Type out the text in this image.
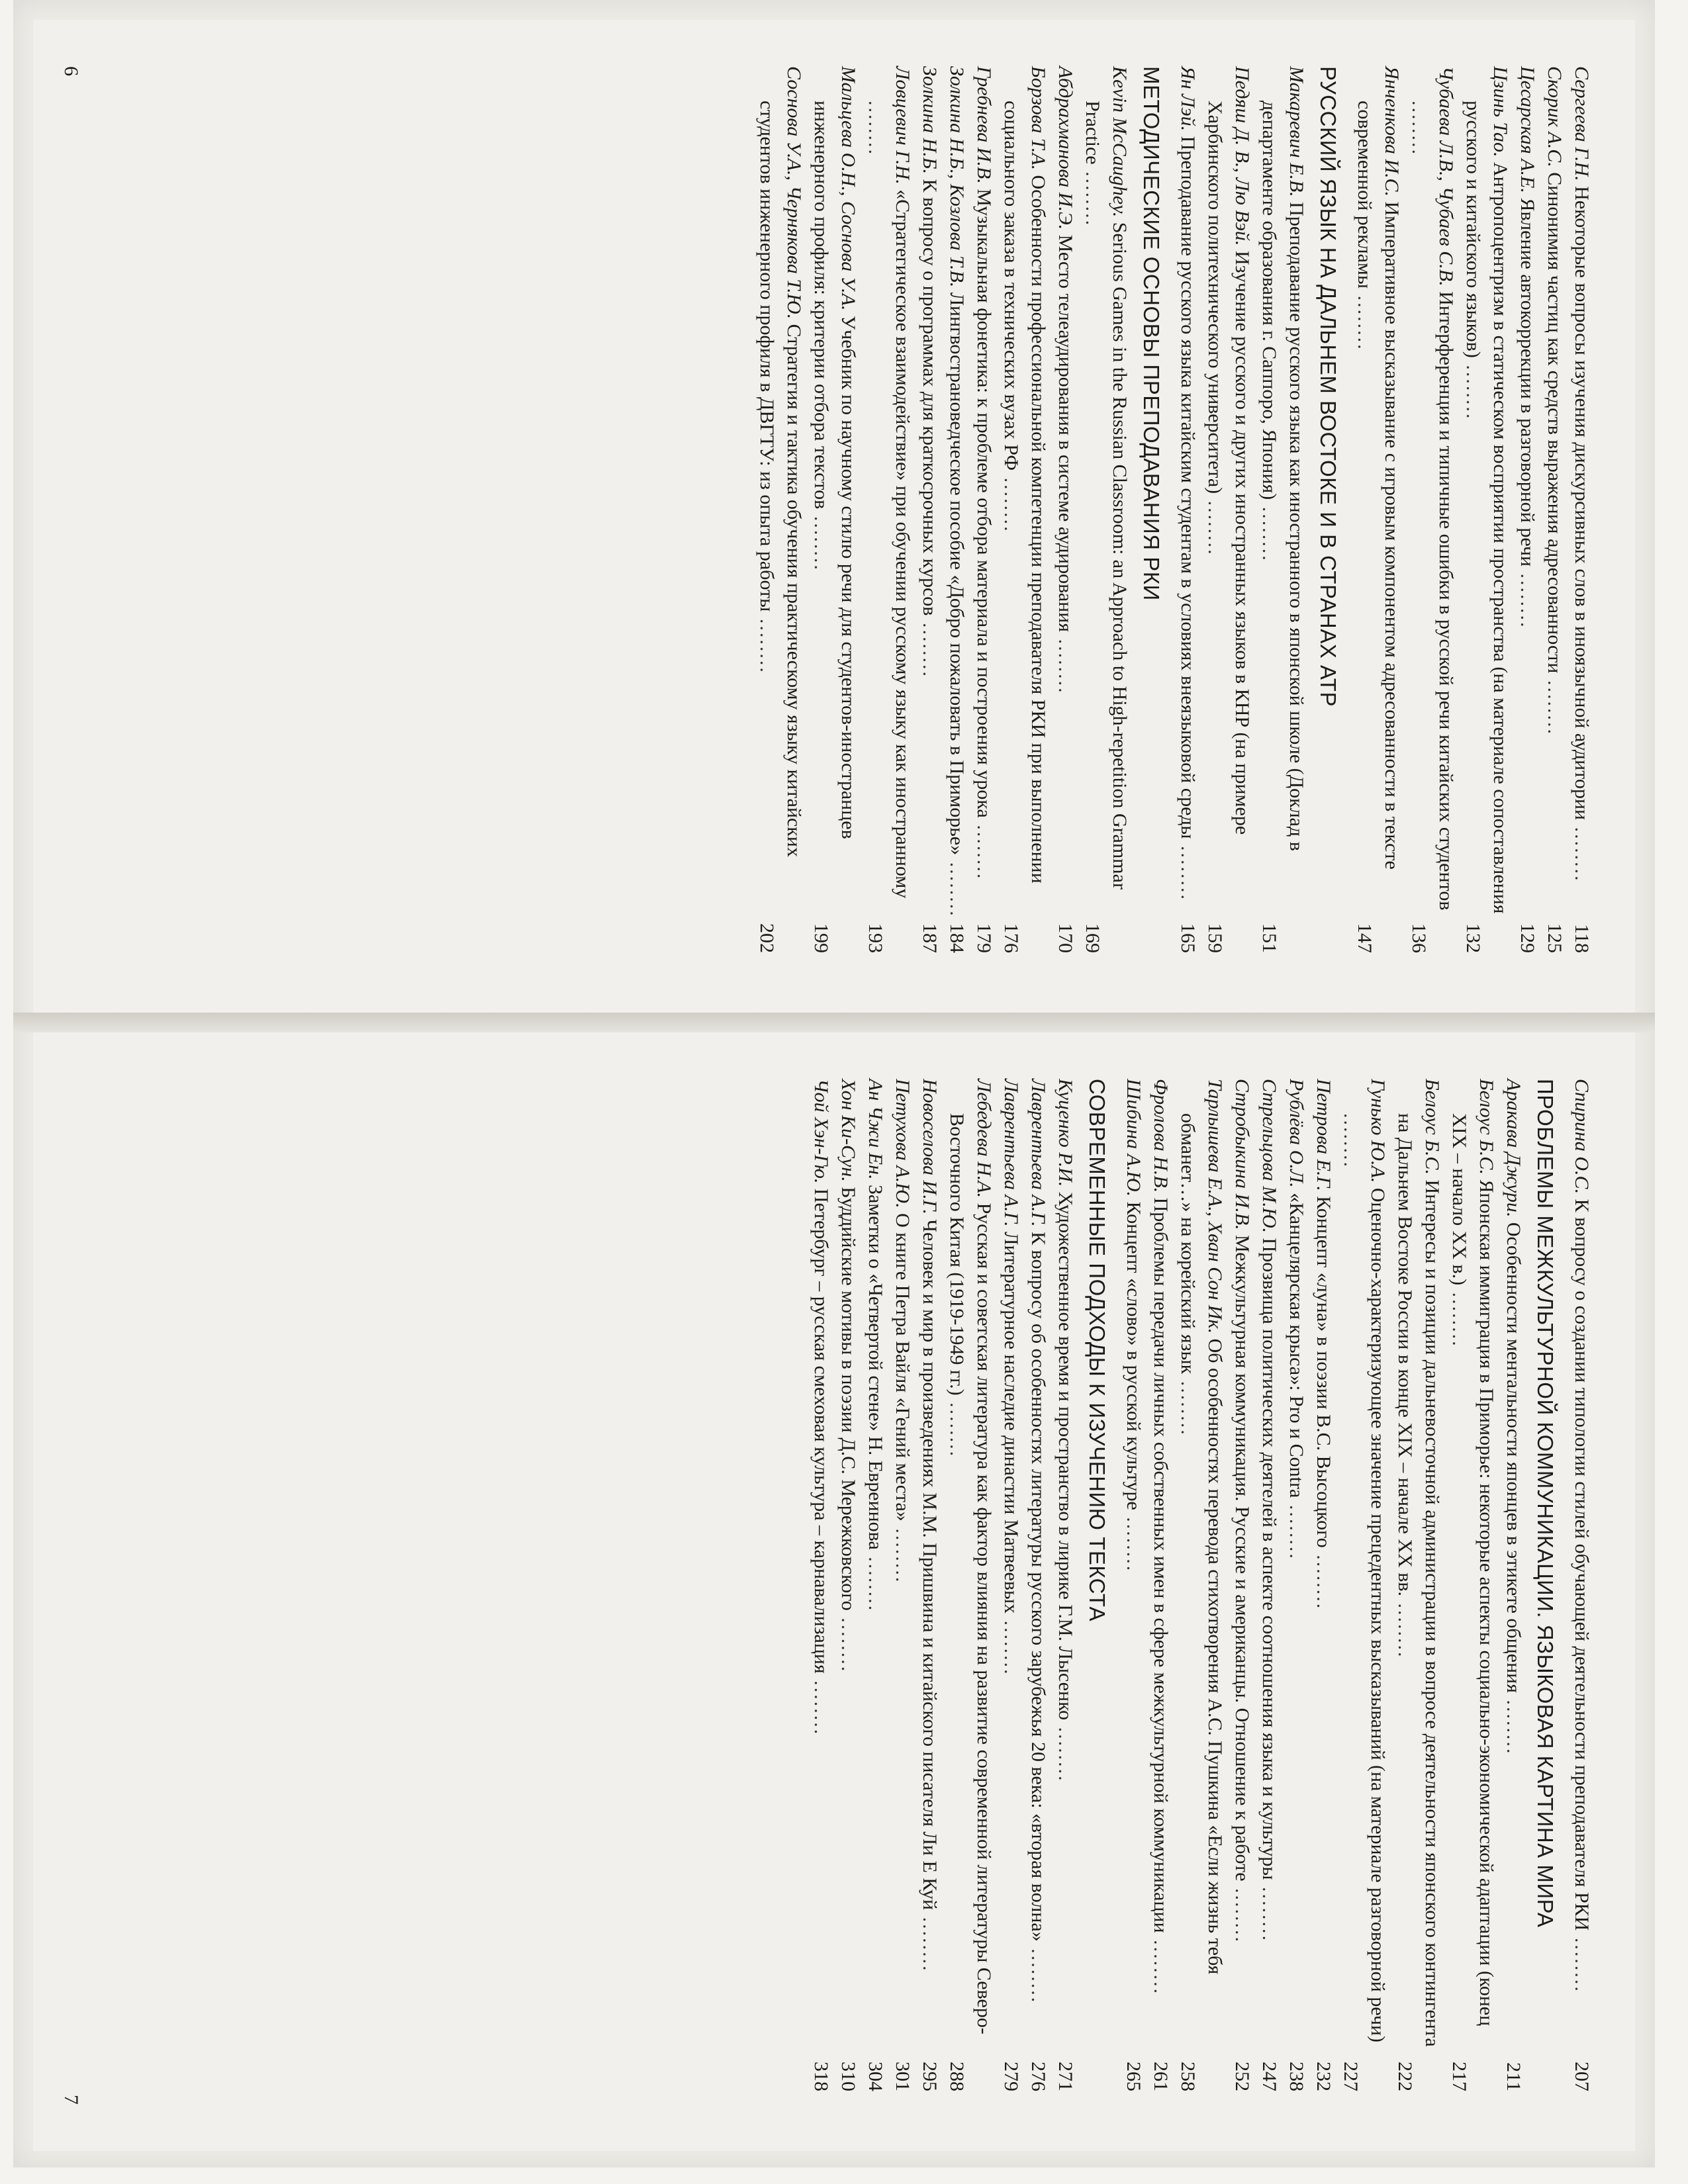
Сергеева Г.Н. Некоторые вопросы изучения дискурсивных слов в иноязычной аудитории ........
118
Скорик А.С. Синонимия частиц как средств выражения адресованности ........
125
Цесарская А.Е. Явление автокоррекции в разговорной речи ........
129
Цзинь Тао. Антропоцентризм в статическом восприятии пространства (на материале сопоставления русского и китайского языков) ........
132
Чубаева Л.В., Чубаев С.В. Интерференция и типичные ошибки в русской речи китайских студентов ........
136
Янченкова И.С. Императивное высказывание с игровым компонентом адресованности в тексте современной рекламы ........
147
РУССКИЙ ЯЗЫК НА ДАЛЬНЕМ ВОСТОКЕ И В СТРАНАХ АТР
Макаревич Е.В. Преподавание русского языка как иностранного в японской школе (Доклад в департаменте образования г. Саппоро, Япония) ........
151
Педяш Д. В., Лю Вэй. Изучение русского и других иностранных языков в КНР (на примере Харбинского политехнического университета) ........
159
Ян Лэй. Преподавание русского языка китайским студентам в условиях внеязыковой среды ........
165
МЕТОДИЧЕСКИЕ ОСНОВЫ ПРЕПОДАВАНИЯ РКИ
Kevin McCaughey. Serious Games in the Russian Classroom: an Approach to High-repetition Grammar Practice ........
169
Абдрахманова И.Э. Место телеаудирования в системе аудирования ........
170
Борзова Т.А. Особенности профессиональной компетенции преподавателя РКИ при выполнении социального заказа в технических вузах РФ ........
176
Гребнева И.В. Музыкальная фонетика: к проблеме отбора материала и построения урока ........
179
Золкина Н.Б., Козлова Т.В. Лингвострановедческое пособие «Добро пожаловать в Приморье» ........
184
Золкина Н.Б. К вопросу о программах для краткосрочных курсов ........
187
Ловцевич Г.Н. «Стратегическое взаимодействие» при обучении русскому языку как иностранному ........
193
Мальцева О.Н., Соснова У.А. Учебник по научному стилю речи для студентов-иностранцев инженерного профиля: критерии отбора текстов ........
199
Соснова У.А., Чернякова Т.Ю. Стратегия и тактика обучения практическому языку китайских студентов инженерного профиля в ДВГТУ: из опыта работы ........
202
6
Спирина О.С. К вопросу о создании типологии стилей обучающей деятельности преподавателя РКИ ........
207
ПРОБЛЕМЫ МЕЖКУЛЬТУРНОЙ КОММУНИКАЦИИ. ЯЗЫКОВАЯ КАРТИНА МИРА
Аракава Джури. Особенности ментальности японцев в этикете общения ........
211
Белоус Б.С. Японская иммиграция в Приморье: некоторые аспекты социально-экономической адаптации (конец XIX – начало XX в.) ........
217
Белоус Б.С. Интересы и позиции дальневосточной администрации в вопросе деятельности японского контингента на Дальнем Востоке России в конце XIX – начале XX вв. ........
222
Гунько Ю.А. Оценочно-характеризующее значение прецедентных высказываний (на материале разговорной речи) ........
227
Петрова Е.Г. Концепт «луна» в поэзии В.С. Высоцкого ........
232
Рублёва О.Л. «Канцелярская крыса»: Pro и Contra ........
238
Стрельцова М.Ю. Прозвища политических деятелей в аспекте соотношения языка и культуры ........
247
Стробыкина И.В. Межкультурная коммуникация. Русские и американцы. Отношение к работе ........
252
Тарлышева Е.А., Хван Сон Ик. Об особенностях перевода стихотворения А.С. Пушкина «Если жизнь тебя обманет…» на корейский язык ........
258
Фролова Н.В. Проблемы передачи личных собственных имен в сфере межкультурной коммуникации ........
261
Шибина А.Ю. Концепт «слово» в русской культуре ........
265
СОВРЕМЕННЫЕ ПОДХОДЫ К ИЗУЧЕНИЮ ТЕКСТА
Куценко Р.И. Художественное время и пространство в лирике Г.М. Лысенко ........
271
Лаврентьева А.Г. К вопросу об особенностях литературы русского зарубежья 20 века: «вторая волна» ........
276
Лаврентьева А.Г. Литературное наследие династии Матвеевых ........
279
Лебедева Н.А. Русская и советская литература как фактор влияния на развитие современной литературы Северо-Восточного Китая (1919-1949 гг.) ........
288
Новоселова И.Г. Человек и мир в произведениях М.М. Пришвина и китайского писателя Ли Е Куй ........
295
Петухова А.Ю. О книге Петра Вайля «Гений места» ........
301
Ан Чжи Ен. Заметки о «Четвертой стене» Н. Евреинова ........
304
Хон Ки-Сун. Буддийские мотивы в поэзии Д.С. Мережковского ........
310
Чой Хэн-Гю. Петербург – русская смеховая культура – карнавализация ........
318
7
